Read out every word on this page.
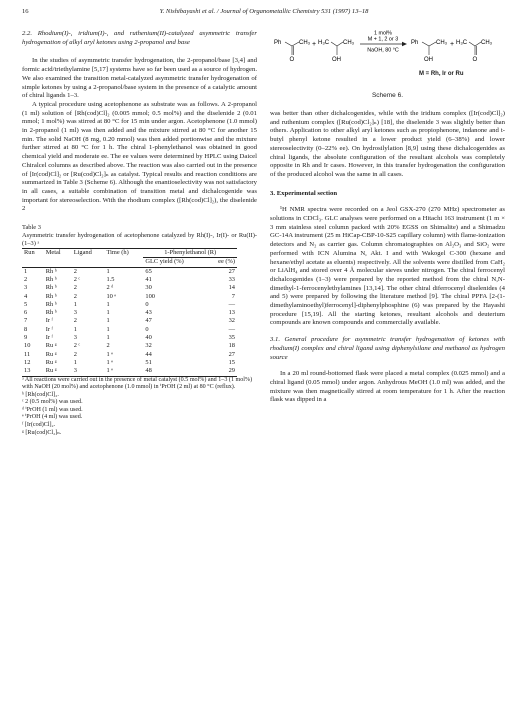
16	Y. Nishibayashi et al. / Journal of Organometallic Chemistry 531 (1997) 13–18

2.2. Rhodium(I)-, iridium(I)-, and ruthenium(II)-catalyzed asymmetric transfer hydrogenation of alkyl aryl ketones using 2-propanol and base

In the studies of asymmetric transfer hydrogenation, the 2-propanol/base [3,4] and formic acid/triethylamine [5,17] systems have so far been used as a source of hydrogen. We also examined the transition metal-catalyzed asymmetric transfer hydrogenation of simple ketones by using a 2-propanol/base system in the presence of a catalytic amount of chiral ligands 1–3.

A typical procedure using acetophenone as substrate was as follows. A 2-propanol (1 ml) solution of [Rh(cod)Cl]₂ (0.005 mmol; 0.5 mol%) and the diselenide 2 (0.01 mmol; 1 mol%) was stirred at 80 °C for 15 min under argon. Acetophenone (1.0 mmol) in 2-propanol (1 ml) was then added and the mixture stirred at 80 °C for another 15 min. The solid NaOH (8 mg, 0.20 mmol) was then added portionwise and the mixture further stirred at 80 °C for 1 h. The chiral 1-phenylethanol was obtained in good chemical yield and moderate ee. The ee values were determined by HPLC using Daicel Chiralcel columns as described above. The reaction was also carried out in the presence of [Ir(cod)Cl]₂ or [Ru(cod)Cl₂]ₙ as catalyst. Typical results and reaction conditions are summarized in Table 3 (Scheme 6). Although the enantioselectivity was not satisfactory in all cases, a suitable combination of transition metal and dichalcogenide was important for stereoselection. With the rhodium complex ([Rh(cod)Cl]₂), the diselenide 2

Table 3

Asymmetric transfer hydrogenation of acetophenone catalyzed by Rh(I)-, Ir(I)- or Ru(II)-(1–3) ᵃ

Run	Metal	Ligand	Time (h)	1-Phenylethanol (R)	
				GLC yield (%)	ee (%)
1	Rh ᵇ	2	1	65	27
2	Rh ᵇ	2 ᶜ	1.5	41	33
3	Rh ᵇ	2	2 ᵈ	30	14
4	Rh ᵇ	2	10 ᵉ	100	7
5	Rh ᵇ	1	1	0	—
6	Rh ᵇ	3	1	43	13
7	Ir ᶠ	2	1	47	32
8	Ir ᶠ	1	1	0	—
9	Ir ᶠ	3	1	40	35
10	Ru ᵍ	2 ᶜ	2	32	18
11	Ru ᵍ	2	1 ᵉ	44	27
12	Ru ᵍ	1	1 ᵉ	51	15
13	Ru ᵍ	3	1 ᵉ	48	29

ᵃ All reactions were carried out in the presence of metal catalyst (0.5 mol%) and 1–3 (1 mol%) with NaOH (20 mol%) and acetophenone (1.0 mmol) in ⁱPrOH (2 ml) at 80 °C (reflux).

ᵇ [Rh(cod)Cl]₂.

ᶜ 2 (0.5 mol%) was used.

ᵈ ⁱPrOH (1 ml) was used.

ᵉ ⁱPrOH (4 ml) was used.

ᶠ [Ir(cod)Cl]₂.

ᵍ [Ru(cod)Cl₂]ₙ.

Ph	CH₃
O
+ H₃C CH₃
OH
1 mol%
M + 1, 2 or 3
NaOH, 80 °C
Ph	CH₃
OH
+ H₃C CH₃
O
M = Rh, Ir or Ru
Scheme 6.

was better than other dichalcogenides, while with the iridium complex ([Ir(cod)Cl]₂) and ruthenium complex ([Ru(cod)Cl₂]ₙ) [18], the diselenide 3 was slightly better than others. Application to other alkyl aryl ketones such as propiophenone, indanone and t-butyl phenyl ketone resulted in a lower product yield (6–38%) and lower stereoselectivity (0–22% ee). On hydrosilylation [8,9] using these dichalcogenides as chiral ligands, the absolute configuration of the resultant alcohols was completely opposite in Rh and Ir cases. However, in this transfer hydrogenation the configuration of the produced alcohol was the same in all cases.

3. Experimental section

¹H NMR spectra were recorded on a Jeol GSX-270 (270 MHz) spectrometer as solutions in CDCl₃. GLC analyses were performed on a Hitachi 163 instrument (1 m × 3 mm stainless steel column packed with 20% EGSS on Shimalite) and a Shimadzu GC-14A instrument (25 m HiCap-CBP-10-S25 capillary column) with flame-ionization detectors and N₂ as carrier gas. Column chromatographies on Al₂O₃ and SiO₂ were performed with ICN Alumina N, Akt. I and with Wakogel C-300 (hexane and hexane/ethyl acetate as eluents) respectively. All the solvents were distilled from CaH₂ or LiAlH₄ and stored over 4 Å molecular sieves under nitrogen. The chiral ferrocenyl dichalcogenides (1–3) were prepared by the reported method from the chiral N,N-dimethyl-1-ferrocenylethylamines [13,14]. The other chiral diferrocenyl diselenides (4 and 5) were prepared by following the literature method [9]. The chiral PPFA [2-(1-dimethylaminoethyl)ferrocenyl]-diphenylphosphine (6) was prepared by the Hayashi procedure [15,19]. All the starting ketones, resultant alcohols and deuterium compounds are known compounds and commercially available.

3.1. General procedure for asymmetric transfer hydrogenation of ketones with rhodium(I) complex and chiral ligand using diphenylsilane and methanol as hydrogen source

In a 20 ml round-bottomed flask were placed a metal complex (0.025 mmol) and a chiral ligand (0.05 mmol) under argon. Anhydrous MeOH (1.0 ml) was added, and the mixture was then magnetically stirred at room temperature for 1 h. After the reaction flask was dipped in a
